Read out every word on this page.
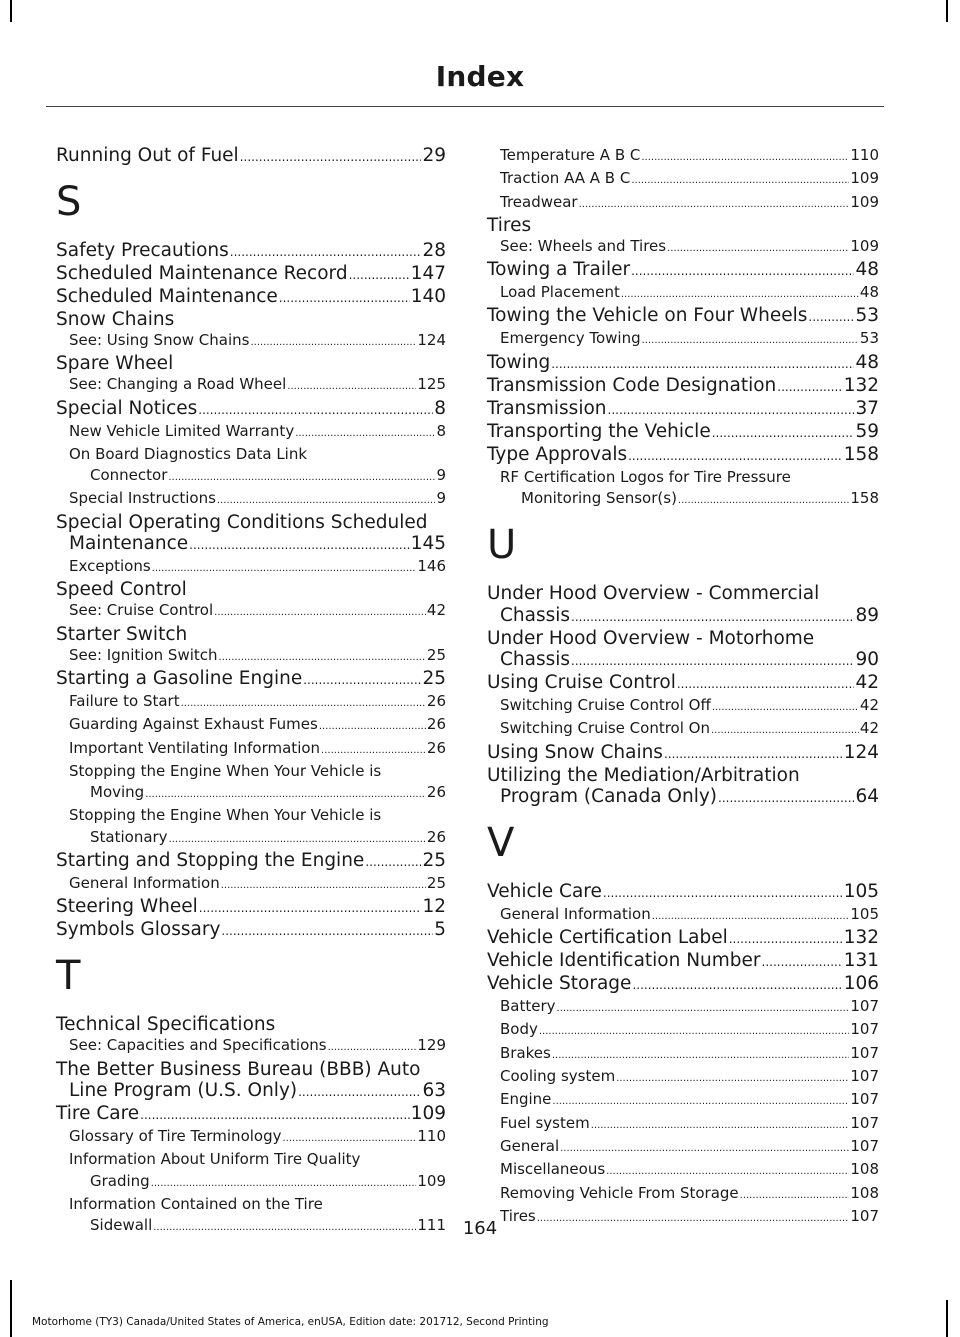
Index
Running Out of Fuel .....	29
S
Safety Precautions .....	28
Scheduled Maintenance Record .....	147
Scheduled Maintenance .....	140
Snow Chains
See: Using Snow Chains .....	124
Spare Wheel
See: Changing a Road Wheel .....	125
Special Notices .....	8
New Vehicle Limited Warranty .....	8
On Board Diagnostics Data Link
Connector .....	9
Special Instructions .....	9
Special Operating Conditions Scheduled
Maintenance .....	145
Exceptions .....	146
Speed Control
See: Cruise Control .....	42
Starter Switch
See: Ignition Switch .....	25
Starting a Gasoline Engine .....	25
Failure to Start .....	26
Guarding Against Exhaust Fumes .....	26
Important Ventilating Information .....	26
Stopping the Engine When Your Vehicle is
Moving .....	26
Stopping the Engine When Your Vehicle is
Stationary .....	26
Starting and Stopping the Engine .....	25
General Information .....	25
Steering Wheel .....	12
Symbols Glossary .....	5
T
Technical Specifications
See: Capacities and Specifications .....	129
The Better Business Bureau (BBB) Auto
Line Program (U.S. Only) .....	63
Tire Care .....	109
Glossary of Tire Terminology .....	110
Information About Uniform Tire Quality
Grading .....	109
Information Contained on the Tire
Sidewall .....	111
Temperature A B C .....	110
Traction AA A B C .....	109
Treadwear .....	109
Tires
See: Wheels and Tires .....	109
Towing a Trailer .....	48
Load Placement .....	48
Towing the Vehicle on Four Wheels .....	53
Emergency Towing .....	53
Towing .....	48
Transmission Code Designation .....	132
Transmission .....	37
Transporting the Vehicle .....	59
Type Approvals .....	158
RF Certification Logos for Tire Pressure
Monitoring Sensor(s) .....	158
U
Under Hood Overview - Commercial
Chassis .....	89
Under Hood Overview - Motorhome
Chassis .....	90
Using Cruise Control .....	42
Switching Cruise Control Off .....	42
Switching Cruise Control On .....	42
Using Snow Chains .....	124
Utilizing the Mediation/Arbitration
Program (Canada Only) .....	64
V
Vehicle Care .....	105
General Information .....	105
Vehicle Certification Label .....	132
Vehicle Identification Number .....	131
Vehicle Storage .....	106
Battery .....	107
Body .....	107
Brakes .....	107
Cooling system .....	107
Engine .....	107
Fuel system .....	107
General .....	107
Miscellaneous .....	108
Removing Vehicle From Storage .....	108
Tires .....	107
164
Motorhome (TY3) Canada/United States of America, enUSA, Edition date: 201712, Second Printing
